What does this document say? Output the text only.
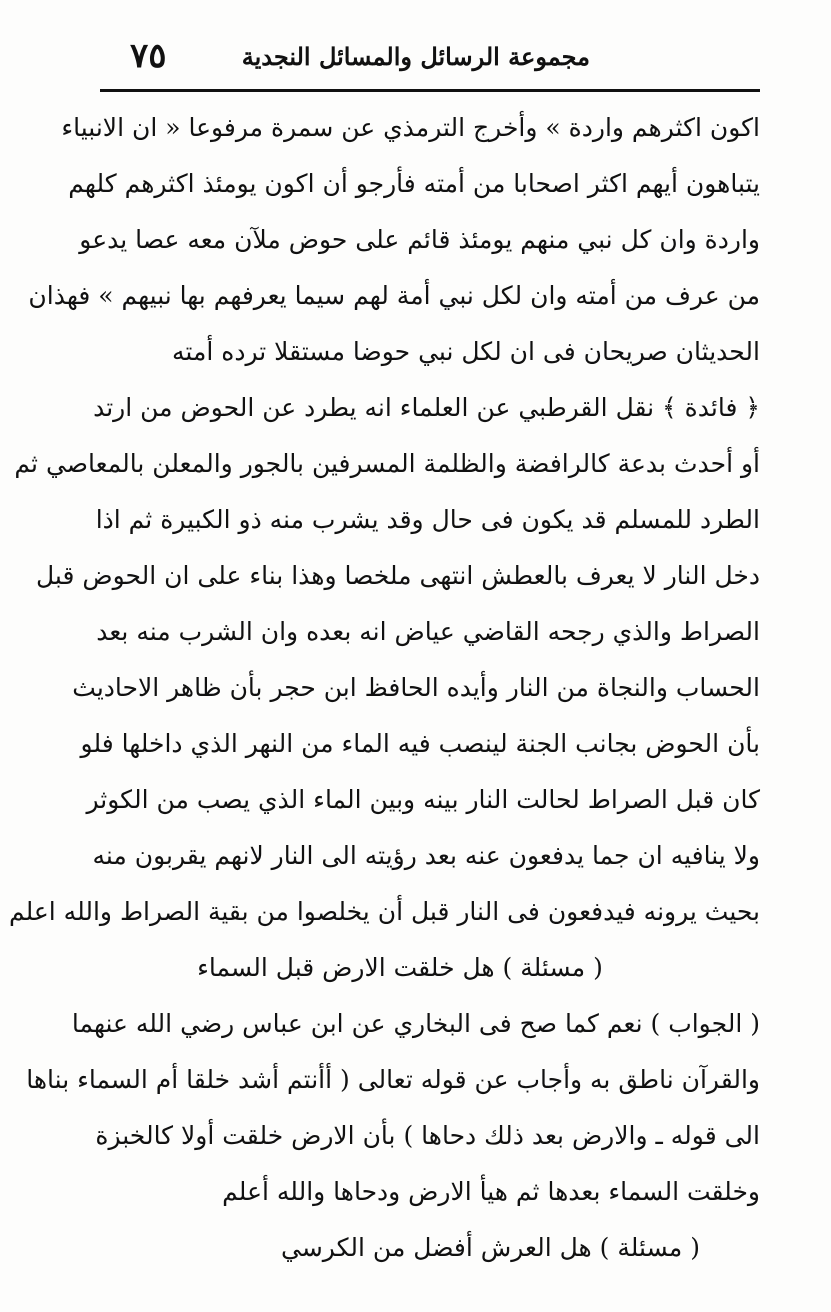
٧٥	مجموعة الرسائل والمسائل النجدية
اكون اكثرهم واردة » وأخرج الترمذي عن سمرة مرفوعا « ان الانبياء
يتباهون أيهم اكثر اصحابا من أمته فأرجو أن اكون يومئذ اكثرهم كلهم
واردة وان كل نبي منهم يومئذ قائم على حوض ملآن معه عصا يدعو
من عرف من أمته وان لكل نبي أمة لهم سيما يعرفهم بها نبيهم » فهذان
الحديثان صريحان فى ان لكل نبي حوضا مستقلا ترده أمته
﴿ فائدة ﴾ نقل القرطبي عن العلماء انه يطرد عن الحوض من ارتد
أو أحدث بدعة كالرافضة والظلمة المسرفين بالجور والمعلن بالمعاصي ثم
الطرد للمسلم قد يكون فى حال وقد يشرب منه ذو الكبيرة ثم اذا
دخل النار لا يعرف بالعطش انتهى ملخصا وهذا بناء على ان الحوض قبل
الصراط والذي رجحه القاضي عياض انه بعده وان الشرب منه بعد
الحساب والنجاة من النار وأيده الحافظ ابن حجر بأن ظاهر الاحاديث
بأن الحوض بجانب الجنة لينصب فيه الماء من النهر الذي داخلها فلو
كان قبل الصراط لحالت النار بينه وبين الماء الذي يصب من الكوثر
ولا ينافيه ان جما يدفعون عنه بعد رؤيته الى النار لانهم يقربون منه
بحيث يرونه فيدفعون فى النار قبل أن يخلصوا من بقية الصراط والله اعلم
( مسئلة ) هل خلقت الارض قبل السماء
( الجواب ) نعم كما صح فى البخاري عن ابن عباس رضي الله عنهما
والقرآن ناطق به وأجاب عن قوله تعالى ( أأنتم أشد خلقا أم السماء بناها
الى قوله ـ والارض بعد ذلك دحاها ) بأن الارض خلقت أولا كالخبزة
وخلقت السماء بعدها ثم هيأ الارض ودحاها والله أعلم
( مسئلة ) هل العرش أفضل من الكرسي
